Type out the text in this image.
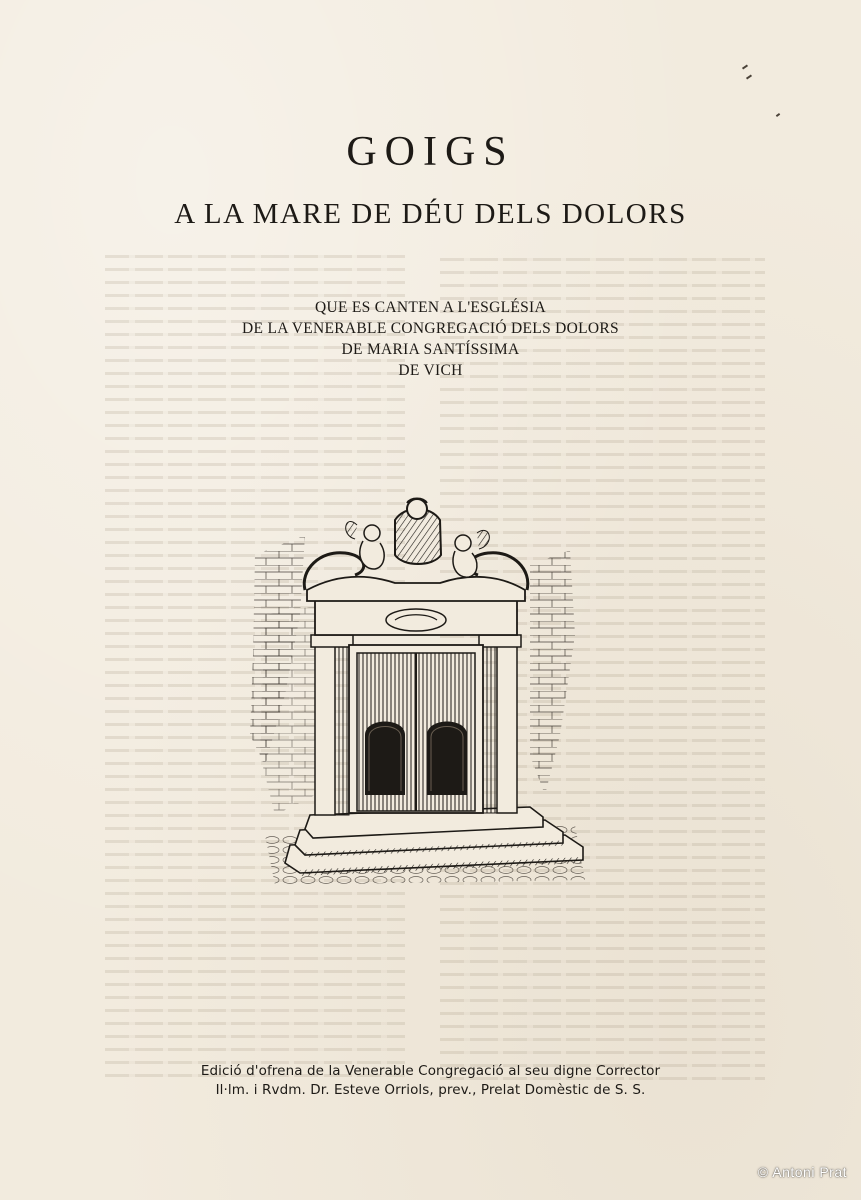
GOIGS
A LA MARE DE DÉU DELS DOLORS
QUE ES CANTEN A L'ESGLÉSIA
DE LA VENERABLE CONGREGACIÓ DELS DOLORS
DE MARIA SANTÍSSIMA
DE VICH
Edició d'ofrena de la Venerable Congregació al seu digne Corrector
Il·lm. i Rvdm. Dr. Esteve Orriols, prev., Prelat Domèstic de S. S.
© Antoni Prat
